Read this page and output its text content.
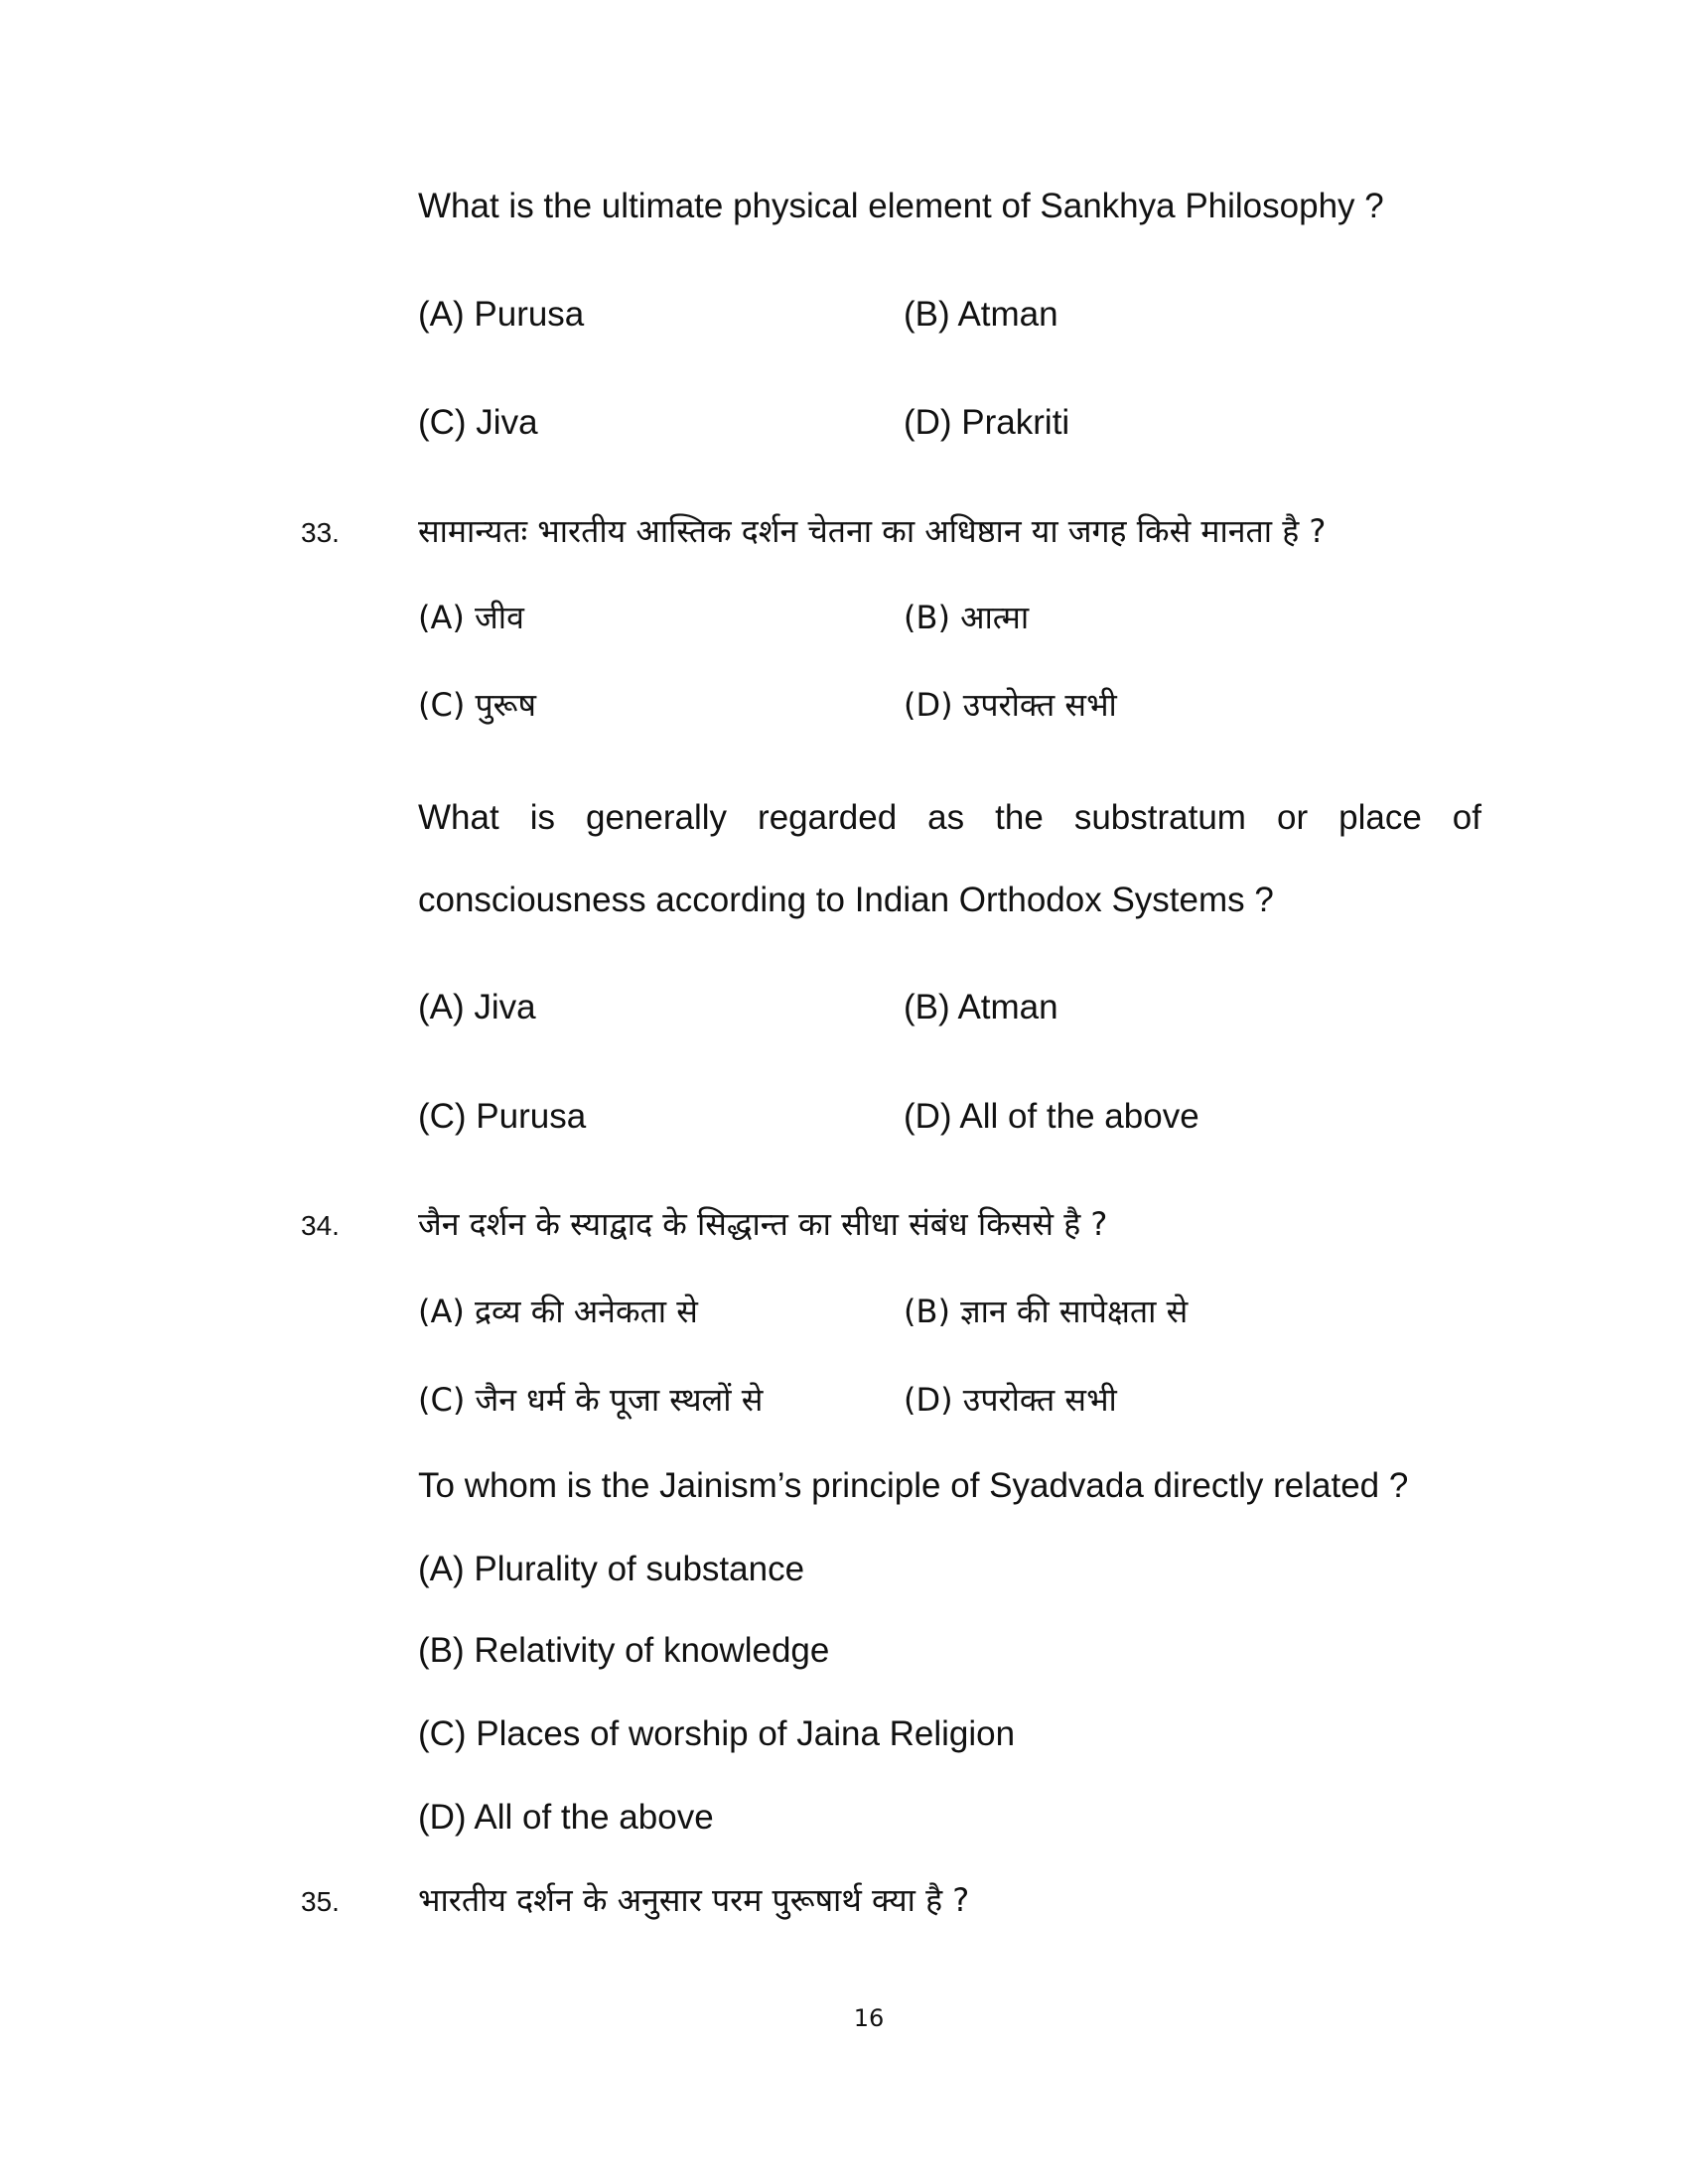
What is the ultimate physical element of Sankhya Philosophy ?
(A) Purusa	(B) Atman
(C) Jiva	(D) Prakriti
33. सामान्यतः भारतीय आस्तिक दर्शन चेतना का अधिष्ठान या जगह किसे मानता है ?
(A) जीव	(B) आत्मा
(C) पुरूष	(D) उपरोक्त सभी
What is generally regarded as the substratum or place of
consciousness according to Indian Orthodox Systems ?
(A) Jiva	(B) Atman
(C) Purusa	(D) All of the above
34. जैन दर्शन के स्याद्वाद के सिद्धान्त का सीधा संबंध किससे है ?
(A) द्रव्य की अनेकता से	(B) ज्ञान की सापेक्षता से
(C) जैन धर्म के पूजा स्थलों से	(D) उपरोक्त सभी
To whom is the Jainism’s principle of Syadvada directly related ?
(A) Plurality of substance
(B) Relativity of knowledge
(C) Places of worship of Jaina Religion
(D) All of the above
35. भारतीय दर्शन के अनुसार परम पुरूषार्थ क्या है ?
16
